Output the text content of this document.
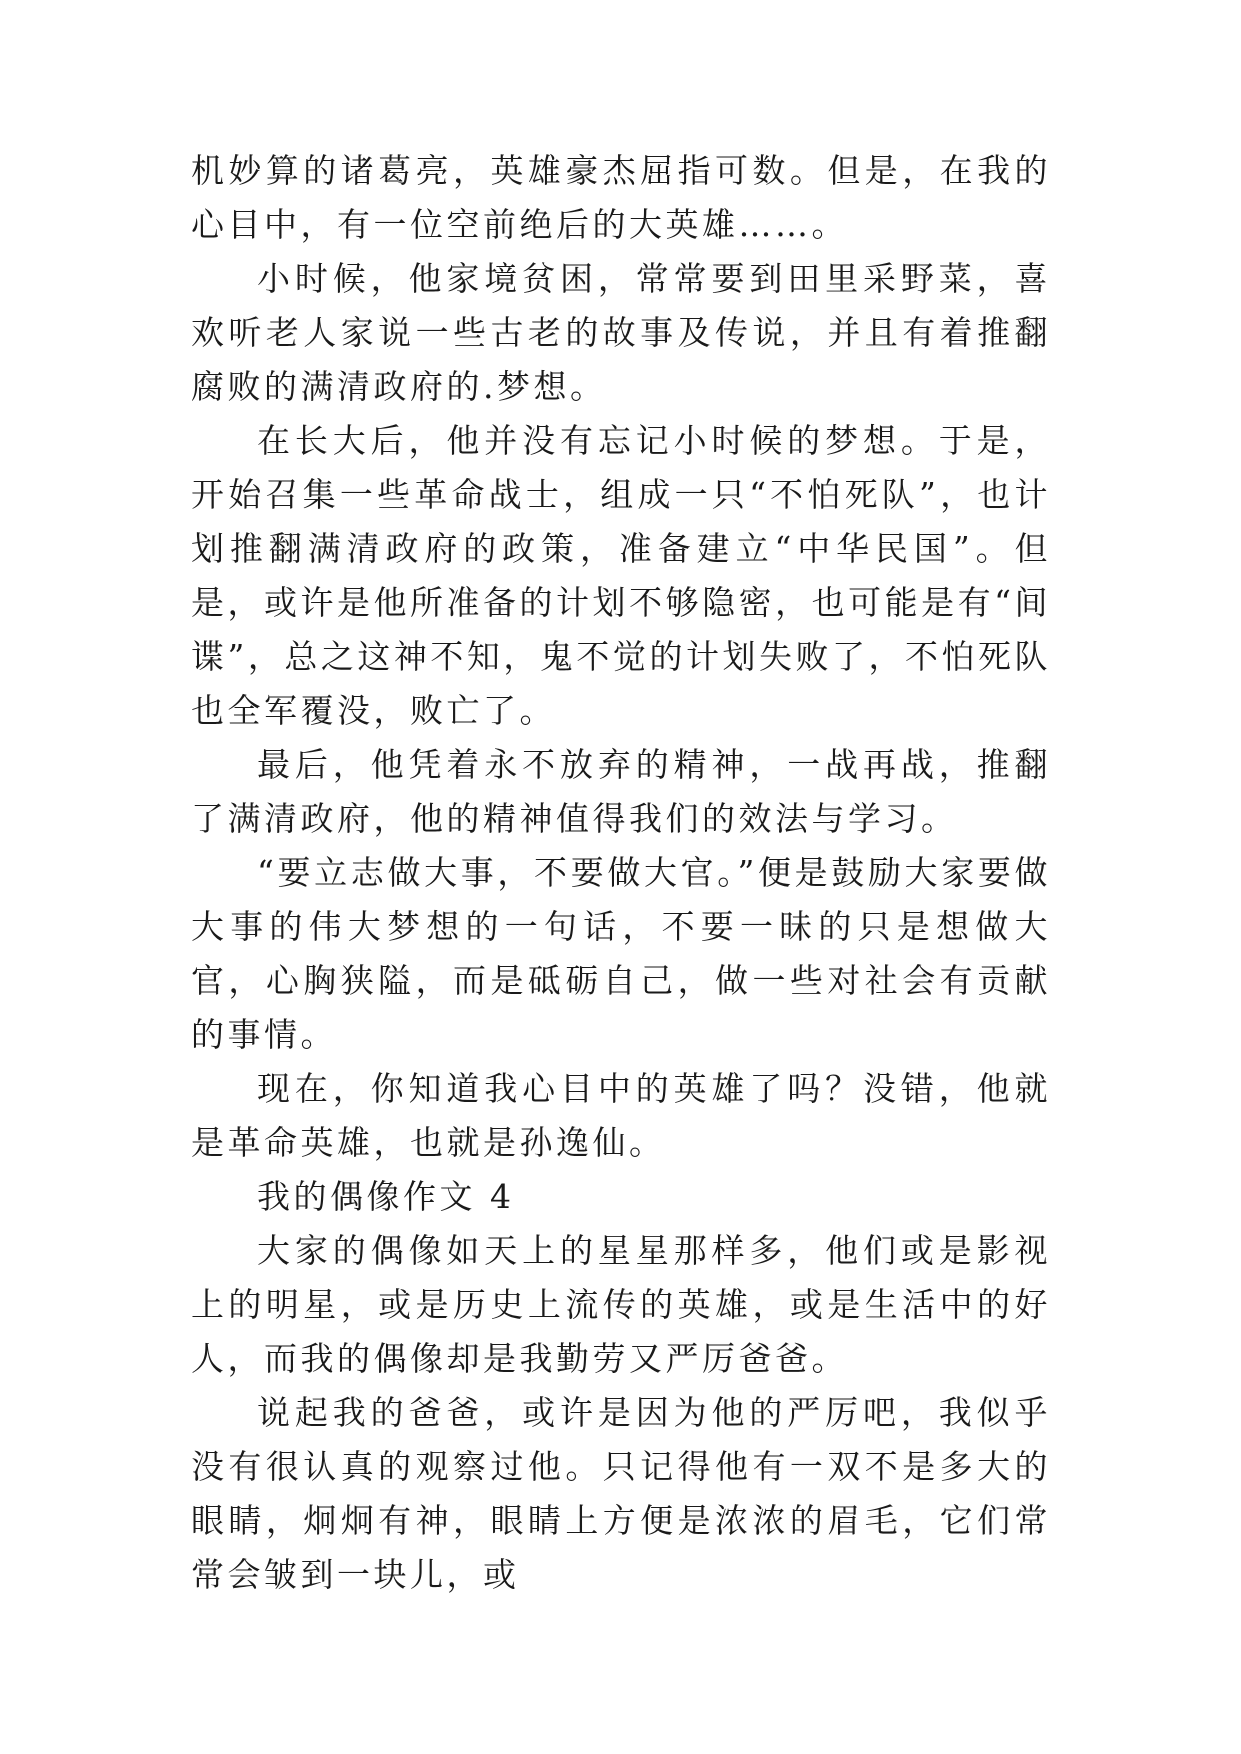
机妙算的诸葛亮，英雄豪杰屈指可数。但是，在我的心目中，有一位空前绝后的大英雄……。

小时候，他家境贫困，常常要到田里采野菜，喜欢听老人家说一些古老的故事及传说，并且有着推翻腐败的满清政府的.梦想。

在长大后，他并没有忘记小时候的梦想。于是，开始召集一些革命战士，组成一只“不怕死队”，也计划推翻满清政府的政策，准备建立“中华民国”。但是，或许是他所准备的计划不够隐密，也可能是有“间谍”，总之这神不知，鬼不觉的计划失败了，不怕死队也全军覆没，败亡了。

最后，他凭着永不放弃的精神，一战再战，推翻了满清政府，他的精神值得我们的效法与学习。

“要立志做大事，不要做大官。”便是鼓励大家要做大事的伟大梦想的一句话，不要一昧的只是想做大官，心胸狭隘，而是砥砺自己，做一些对社会有贡献的事情。

现在，你知道我心目中的英雄了吗？没错，他就是革命英雄，也就是孙逸仙。

我的偶像作文 4

大家的偶像如天上的星星那样多，他们或是影视上的明星，或是历史上流传的英雄，或是生活中的好人，而我的偶像却是我勤劳又严厉爸爸。

说起我的爸爸，或许是因为他的严厉吧，我似乎没有很认真的观察过他。只记得他有一双不是多大的眼睛，炯炯有神，眼睛上方便是浓浓的眉毛，它们常常会皱到一块儿，或
